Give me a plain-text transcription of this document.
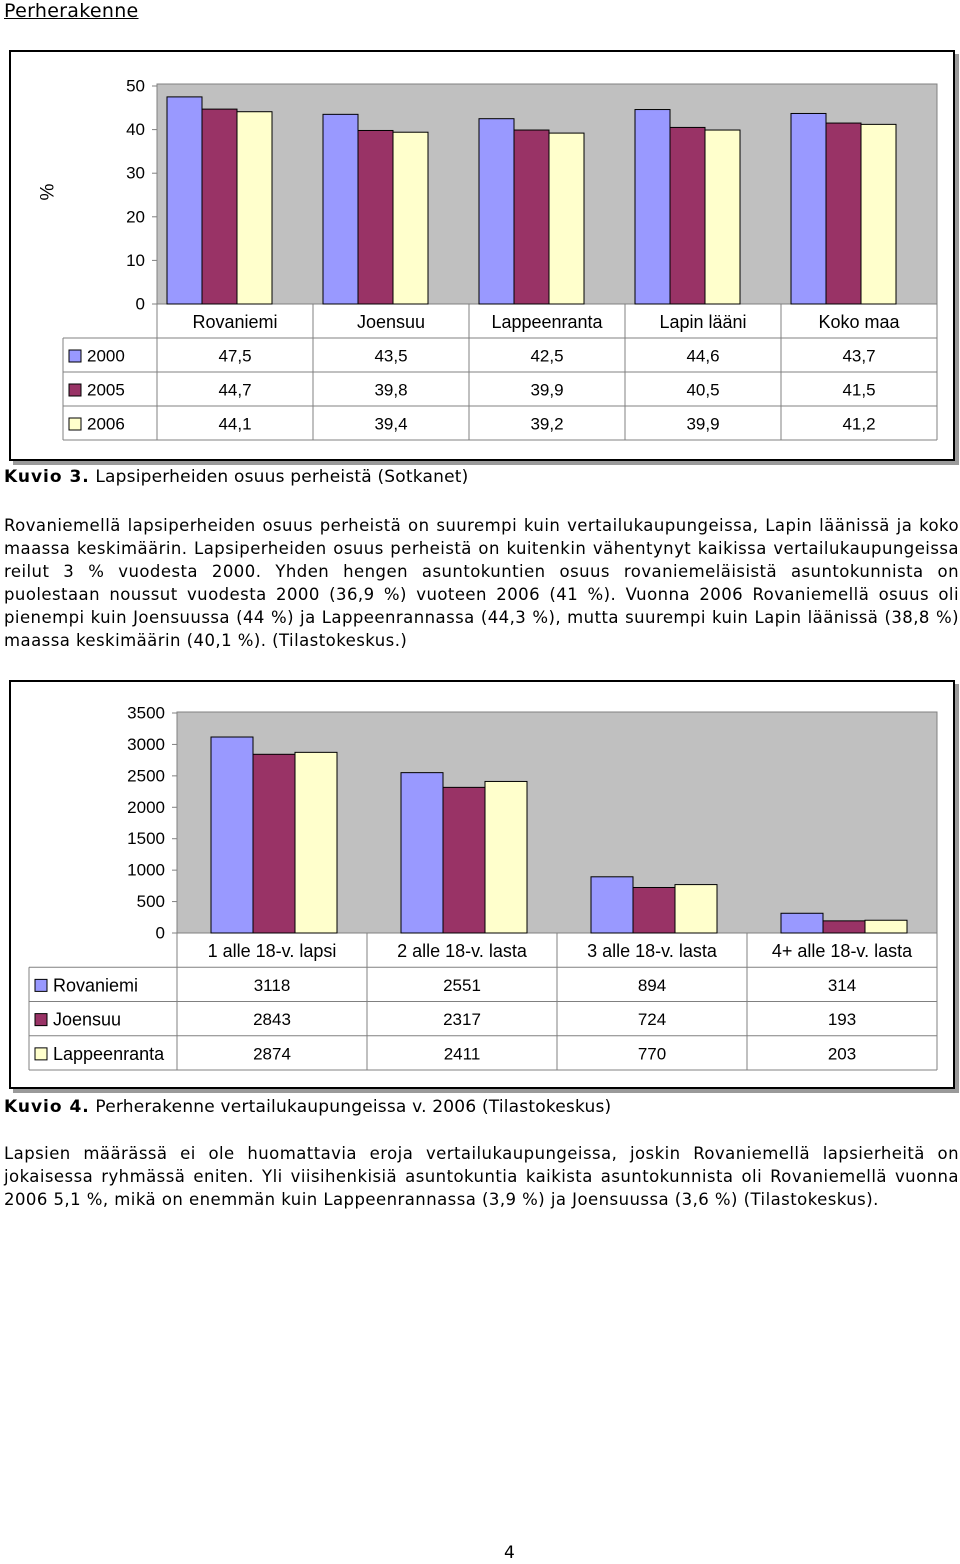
Perherakenne
0
10
20
30
40
50
%
Rovaniemi	Joensuu	Lappeenranta	Lapin lääni	Koko maa
2000	47,5	43,5	42,5	44,6	43,7
2005	44,7	39,8	39,9	40,5	41,5
2006	44,1	39,4	39,2	39,9	41,2
Kuvio 3. Lapsiperheiden osuus perheistä (Sotkanet)

Rovaniemellä lapsiperheiden osuus perheistä on suurempi kuin vertailukaupungeissa, Lapin läänissä ja koko maassa keskimäärin. Lapsiperheiden osuus perheistä on kuitenkin vähentynyt kaikissa vertailukaupungeissa reilut 3 % vuodesta 2000. Yhden hengen asuntokuntien osuus rovaniemeläisistä asuntokunnista on puolestaan noussut vuodesta 2000 (36,9 %) vuoteen 2006 (41 %). Vuonna 2006 Rovaniemellä osuus oli pienempi kuin Joensuussa (44 %) ja Lappeenrannassa (44,3 %), mutta suurempi kuin Lapin läänissä (38,8 %) maassa keskimäärin (40,1 %). (Tilastokeskus.)

0
500
1000
1500
2000
2500
3000
3500
1 alle 18-v. lapsi	2 alle 18-v. lasta	3 alle 18-v. lasta	4+ alle 18-v. lasta
Rovaniemi	3118	2551	894	314
Joensuu	2843	2317	724	193
Lappeenranta	2874	2411	770	203
Kuvio 4. Perherakenne vertailukaupungeissa v. 2006 (Tilastokeskus)

Lapsien määrässä ei ole huomattavia eroja vertailukaupungeissa, joskin Rovaniemellä lapsierheitä on jokaisessa ryhmässä eniten. Yli viisihenkisiä asuntokuntia kaikista asuntokunnista oli Rovaniemellä vuonna 2006 5,1 %, mikä on enemmän kuin Lappeenrannassa (3,9 %) ja Joensuussa (3,6 %) (Tilastokeskus).

4
